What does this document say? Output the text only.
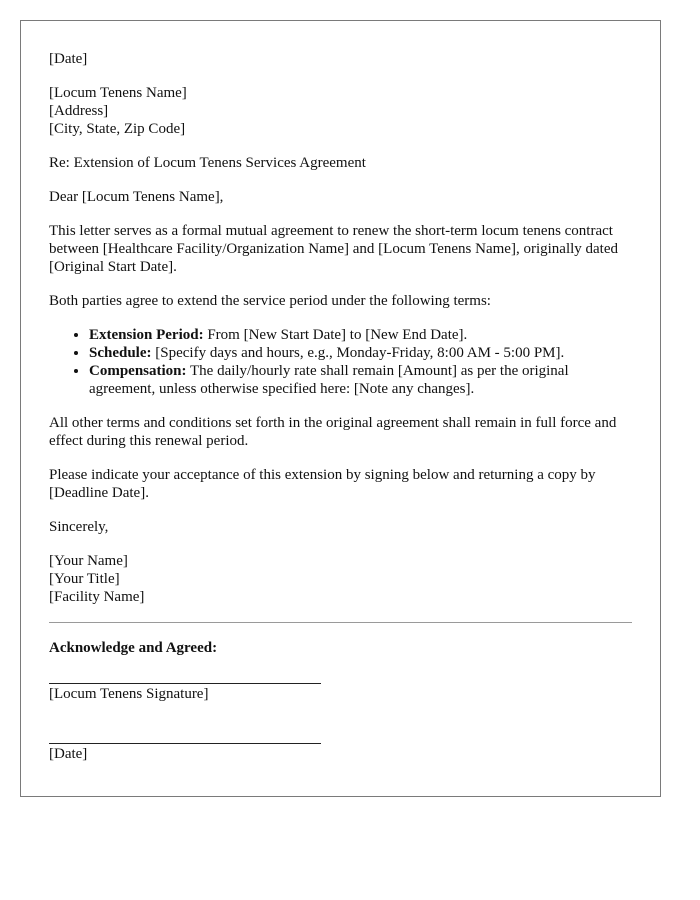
[Date]

[Locum Tenens Name]
[Address]
[City, State, Zip Code]

Re: Extension of Locum Tenens Services Agreement

Dear [Locum Tenens Name],

This letter serves as a formal mutual agreement to renew the short-term locum tenens contract between [Healthcare Facility/Organization Name] and [Locum Tenens Name], originally dated [Original Start Date].

Both parties agree to extend the service period under the following terms:

• Extension Period: From [New Start Date] to [New End Date].
• Schedule: [Specify days and hours, e.g., Monday-Friday, 8:00 AM - 5:00 PM].
• Compensation: The daily/hourly rate shall remain [Amount] as per the original agreement, unless otherwise specified here: [Note any changes].

All other terms and conditions set forth in the original agreement shall remain in full force and effect during this renewal period.

Please indicate your acceptance of this extension by signing below and returning a copy by [Deadline Date].

Sincerely,

[Your Name]
[Your Title]
[Facility Name]
Acknowledge and Agreed:
[Locum Tenens Signature]
[Date]
